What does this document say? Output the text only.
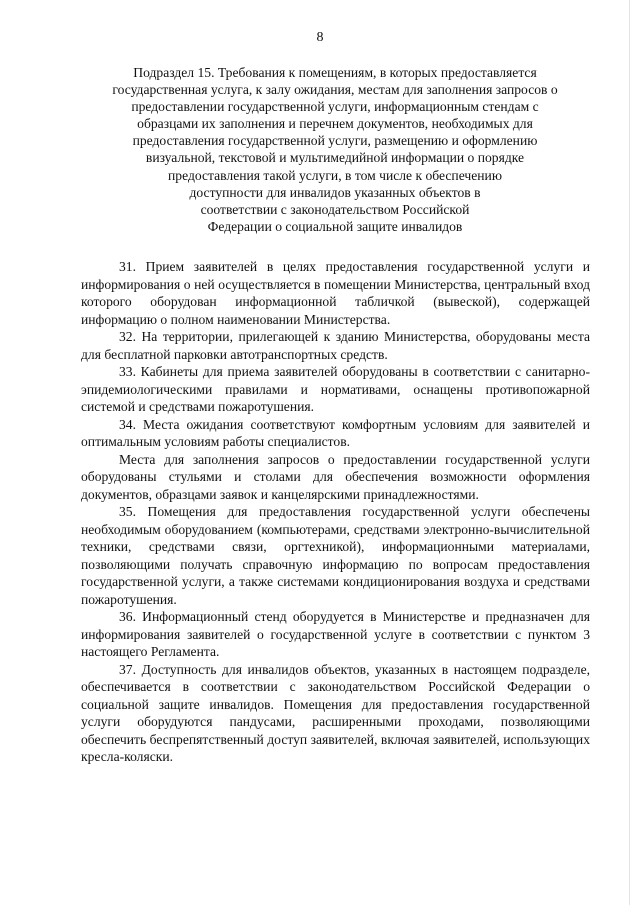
8
Подраздел 15. Требования к помещениям, в которых предоставляется
государственная услуга, к залу ожидания, местам для заполнения запросов о
предоставлении государственной услуги, информационным стендам с
образцами их заполнения и перечнем документов, необходимых для
предоставления государственной услуги, размещению и оформлению
визуальной, текстовой и мультимедийной информации о порядке
предоставления такой услуги, в том числе к обеспечению
доступности для инвалидов указанных объектов в
соответствии с законодательством Российской
Федерации о социальной защите инвалидов

31. Прием заявителей в целях предоставления государственной услуги и информирования о ней осуществляется в помещении Министерства, центральный вход которого оборудован информационной табличкой (вывеской), содержащей информацию о полном наименовании Министерства.

32. На территории, прилегающей к зданию Министерства, оборудованы места для бесплатной парковки автотранспортных средств.

33. Кабинеты для приема заявителей оборудованы в соответствии с санитарно-эпидемиологическими правилами и нормативами, оснащены противопожарной системой и средствами пожаротушения.

34. Места ожидания соответствуют комфортным условиям для заявителей и оптимальным условиям работы специалистов.

Места для заполнения запросов о предоставлении государственной услуги оборудованы стульями и столами для обеспечения возможности оформления документов, образцами заявок и канцелярскими принадлежностями.

35. Помещения для предоставления государственной услуги обеспечены необходимым оборудованием (компьютерами, средствами электронно-вычислительной техники, средствами связи, оргтехникой), информационными материалами, позволяющими получать справочную информацию по вопросам предоставления государственной услуги, а также системами кондиционирования воздуха и средствами пожаротушения.

36. Информационный стенд оборудуется в Министерстве и предназначен для информирования заявителей о государственной услуге в соответствии с пунктом 3 настоящего Регламента.

37. Доступность для инвалидов объектов, указанных в настоящем подразделе, обеспечивается в соответствии с законодательством Российской Федерации о социальной защите инвалидов. Помещения для предоставления государственной услуги оборудуются пандусами, расширенными проходами, позволяющими обеспечить беспрепятственный доступ заявителей, включая заявителей, использующих кресла-коляски.
